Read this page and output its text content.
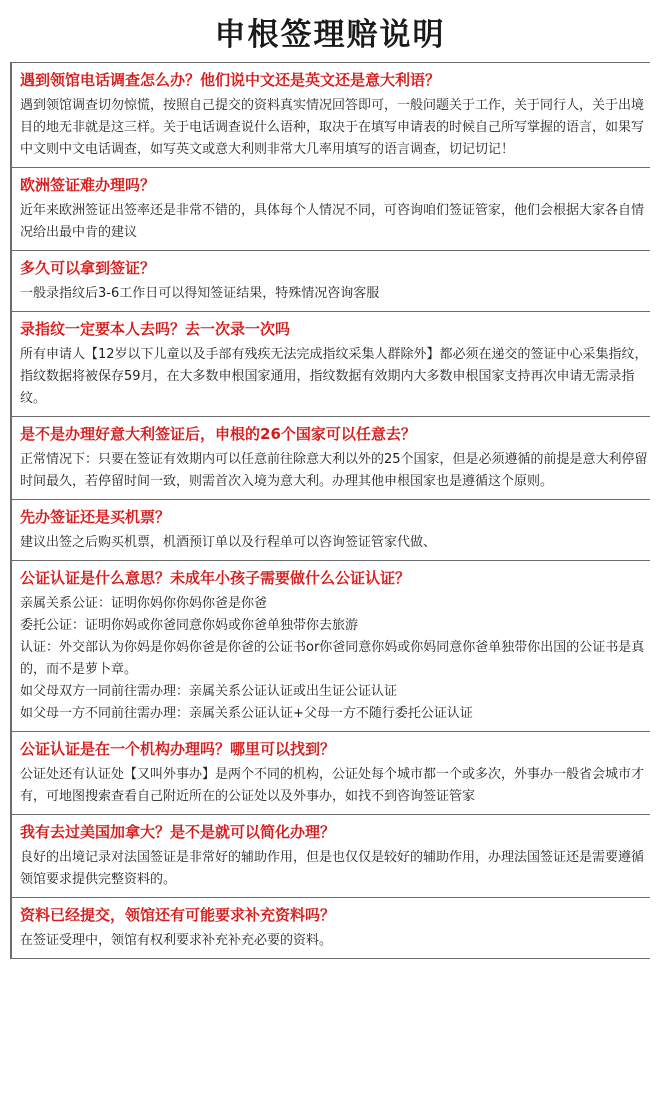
申根签理赔说明
遇到领馆电话调查怎么办？他们说中文还是英文还是意大利语？

遇到领馆调查切勿惊慌，按照自己提交的资料真实情况回答即可，一般问题关于工作，关于同行人，关于出境目的地无非就是这三样。关于电话调查说什么语种，取决于在填写申请表的时候自己所写掌握的语言，如果写中文则中文电话调查，如写英文或意大利则非常大几率用填写的语言调查，切记切记！

欧洲签证难办理吗？

近年来欧洲签证出签率还是非常不错的，具体每个人情况不同，可咨询咱们签证管家，他们会根据大家各自情况给出最中肯的建议

多久可以拿到签证？

一般录指纹后3-6工作日可以得知签证结果，特殊情况咨询客服

录指纹一定要本人去吗？去一次录一次吗

所有申请人【12岁以下儿童以及手部有残疾无法完成指纹采集人群除外】都必须在递交的签证中心采集指纹，指纹数据将被保存59月，在大多数申根国家通用，指纹数据有效期内大多数申根国家支持再次申请无需录指纹。

是不是办理好意大利签证后，申根的26个国家可以任意去？

正常情况下：只要在签证有效期内可以任意前往除意大利以外的25个国家，但是必须遵循的前提是意大利停留时间最久，若停留时间一致，则需首次入境为意大利。办理其他申根国家也是遵循这个原则。

先办签证还是买机票？

建议出签之后购买机票，机酒预订单以及行程单可以咨询签证管家代做、

公证认证是什么意思？未成年小孩子需要做什么公证认证？

亲属关系公证：证明你妈你你妈你爸是你爸

委托公证：证明你妈或你爸同意你妈或你爸单独带你去旅游

认证：外交部认为你妈是你妈你爸是你爸的公证书or你爸同意你妈或你妈同意你爸单独带你出国的公证书是真的，而不是萝卜章。

如父母双方一同前往需办理：亲属关系公证认证或出生证公证认证

如父母一方不同前往需办理：亲属关系公证认证+父母一方不随行委托公证认证

公证认证是在一个机构办理吗？哪里可以找到？

公证处还有认证处【又叫外事办】是两个不同的机构，公证处每个城市都一个或多次，外事办一般省会城市才有，可地图搜索查看自己附近所在的公证处以及外事办，如找不到咨询签证管家

我有去过美国加拿大？是不是就可以简化办理？

良好的出境记录对法国签证是非常好的辅助作用，但是也仅仅是较好的辅助作用，办理法国签证还是需要遵循领馆要求提供完整资料的。

资料已经提交，领馆还有可能要求补充资料吗？

在签证受理中，领馆有权利要求补充补充必要的资料。
